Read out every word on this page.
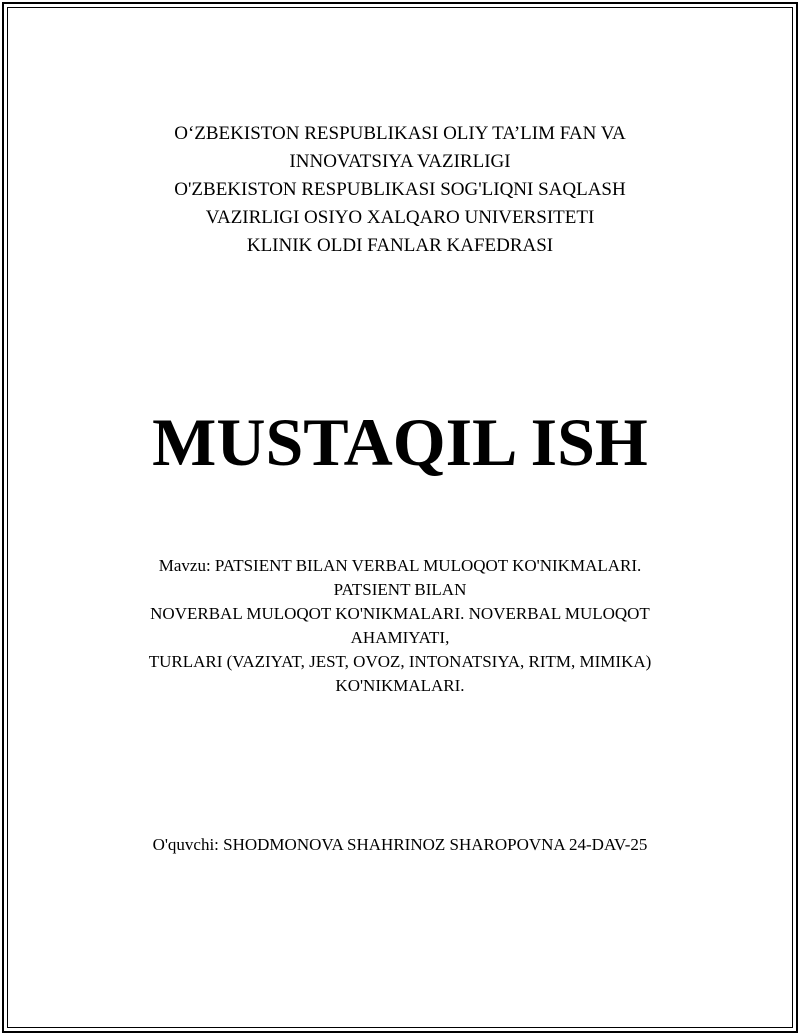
O‘ZBEKISTON RESPUBLIKASI OLIY TA’LIM FAN VA
INNOVATSIYA VAZIRLIGI
O'ZBEKISTON RESPUBLIKASI SOG'LIQNI SAQLASH
VAZIRLIGI OSIYO XALQARO UNIVERSITETI
KLINIK OLDI FANLAR KAFEDRASI
MUSTAQIL ISH
Mavzu: PATSIENT BILAN VERBAL MULOQOT KO'NIKMALARI.
PATSIENT BILAN
NOVERBAL MULOQOT KO'NIKMALARI. NOVERBAL MULOQOT
AHAMIYATI,
TURLARI (VAZIYAT, JEST, OVOZ, INTONATSIYA, RITM, MIMIKA)
KO'NIKMALARI.
O'quvchi: SHODMONOVA SHAHRINOZ SHAROPOVNA 24-DAV-25
